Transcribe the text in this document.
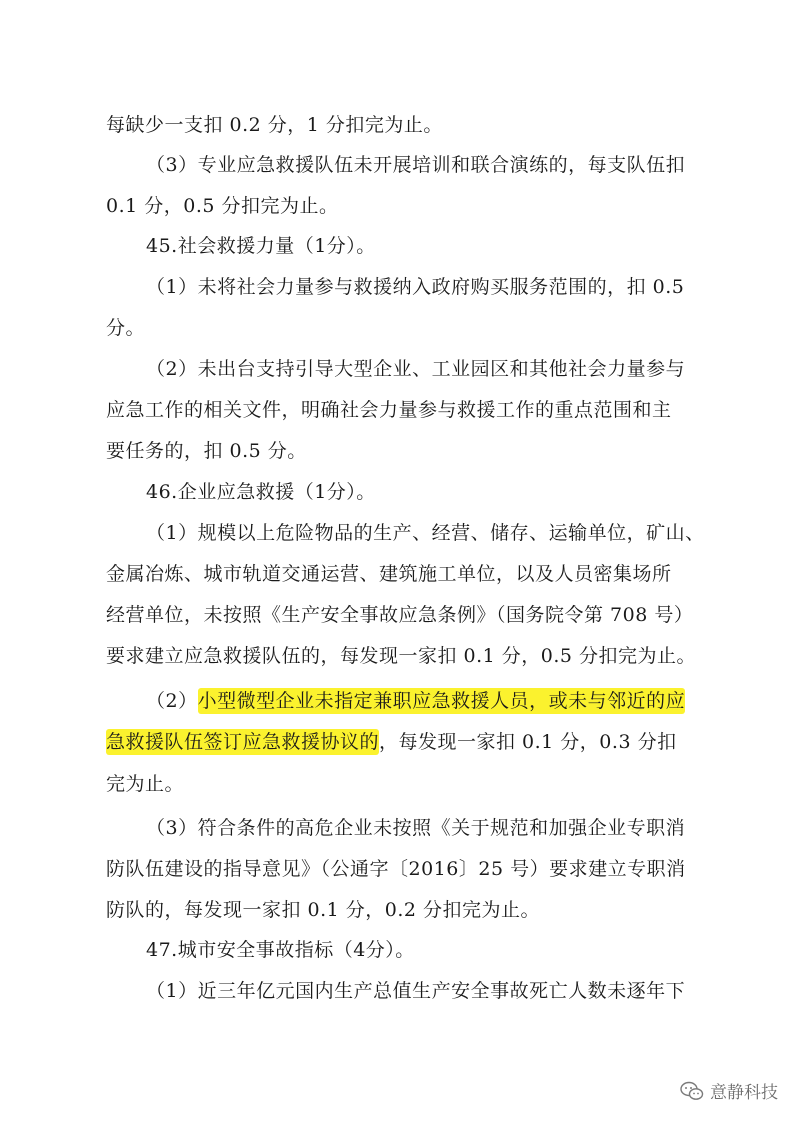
每缺少一支扣 0.2 分，1 分扣完为止。
（3）专业应急救援队伍未开展培训和联合演练的，每支队伍扣
0.1 分，0.5 分扣完为止。
45.社会救援力量（1分）。
（1）未将社会力量参与救援纳入政府购买服务范围的，扣 0.5
分。
（2）未出台支持引导大型企业、工业园区和其他社会力量参与
应急工作的相关文件，明确社会力量参与救援工作的重点范围和主
要任务的，扣 0.5 分。
46.企业应急救援（1分）。
（1）规模以上危险物品的生产、经营、储存、运输单位，矿山、
金属冶炼、城市轨道交通运营、建筑施工单位，以及人员密集场所
经营单位，未按照《生产安全事故应急条例》（国务院令第 708 号）
要求建立应急救援队伍的，每发现一家扣 0.1 分，0.5 分扣完为止。
（2）小型微型企业未指定兼职应急救援人员，或未与邻近的应
急救援队伍签订应急救援协议的，每发现一家扣 0.1 分，0.3 分扣
完为止。
（3）符合条件的高危企业未按照《关于规范和加强企业专职消
防队伍建设的指导意见》（公通字〔2016〕25 号）要求建立专职消
防队的，每发现一家扣 0.1 分，0.2 分扣完为止。
47.城市安全事故指标（4分）。
（1）近三年亿元国内生产总值生产安全事故死亡人数未逐年下
意静科技
